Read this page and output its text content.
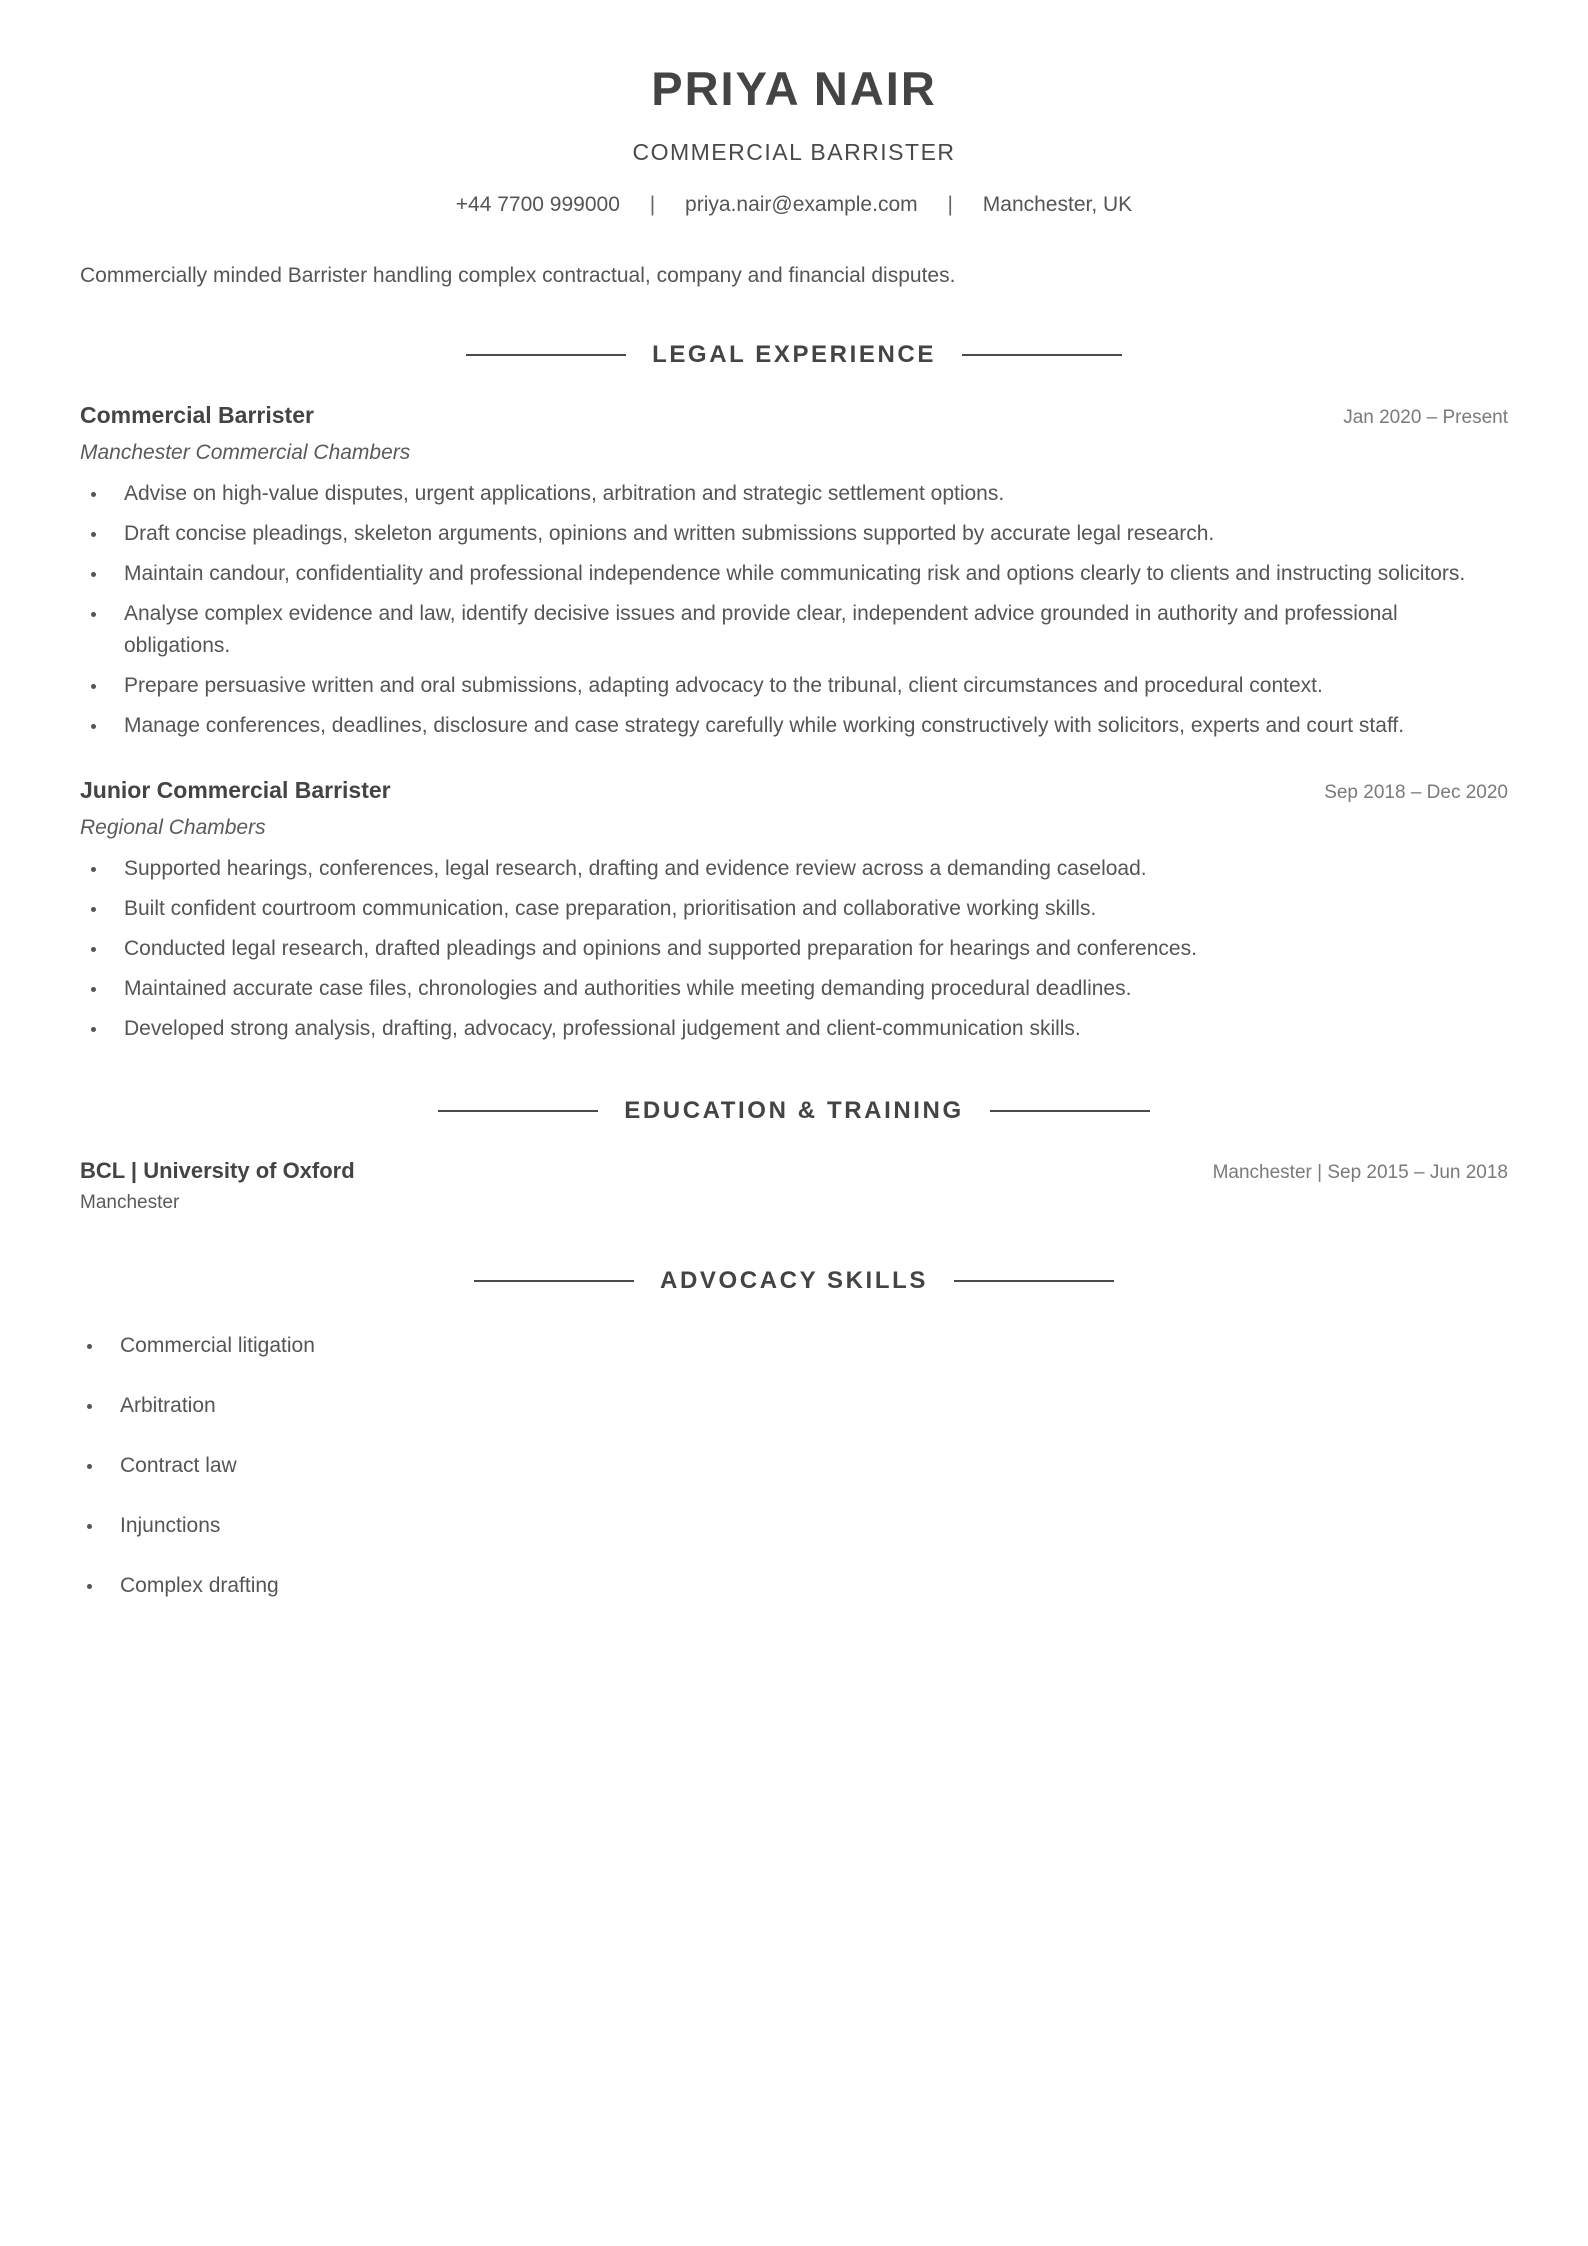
PRIYA NAIR
COMMERCIAL BARRISTER
+44 7700 999000 | priya.nair@example.com | Manchester, UK
Commercially minded Barrister handling complex contractual, company and financial disputes.
LEGAL EXPERIENCE
Commercial Barrister	Jan 2020 – Present
Manchester Commercial Chambers
Advise on high-value disputes, urgent applications, arbitration and strategic settlement options.
Draft concise pleadings, skeleton arguments, opinions and written submissions supported by accurate legal research.
Maintain candour, confidentiality and professional independence while communicating risk and options clearly to clients and instructing solicitors.
Analyse complex evidence and law, identify decisive issues and provide clear, independent advice grounded in authority and professional obligations.
Prepare persuasive written and oral submissions, adapting advocacy to the tribunal, client circumstances and procedural context.
Manage conferences, deadlines, disclosure and case strategy carefully while working constructively with solicitors, experts and court staff.
Junior Commercial Barrister	Sep 2018 – Dec 2020
Regional Chambers
Supported hearings, conferences, legal research, drafting and evidence review across a demanding caseload.
Built confident courtroom communication, case preparation, prioritisation and collaborative working skills.
Conducted legal research, drafted pleadings and opinions and supported preparation for hearings and conferences.
Maintained accurate case files, chronologies and authorities while meeting demanding procedural deadlines.
Developed strong analysis, drafting, advocacy, professional judgement and client-communication skills.
EDUCATION & TRAINING
BCL | University of Oxford	Manchester | Sep 2015 – Jun 2018
Manchester
ADVOCACY SKILLS
Commercial litigation
Arbitration
Contract law
Injunctions
Complex drafting
